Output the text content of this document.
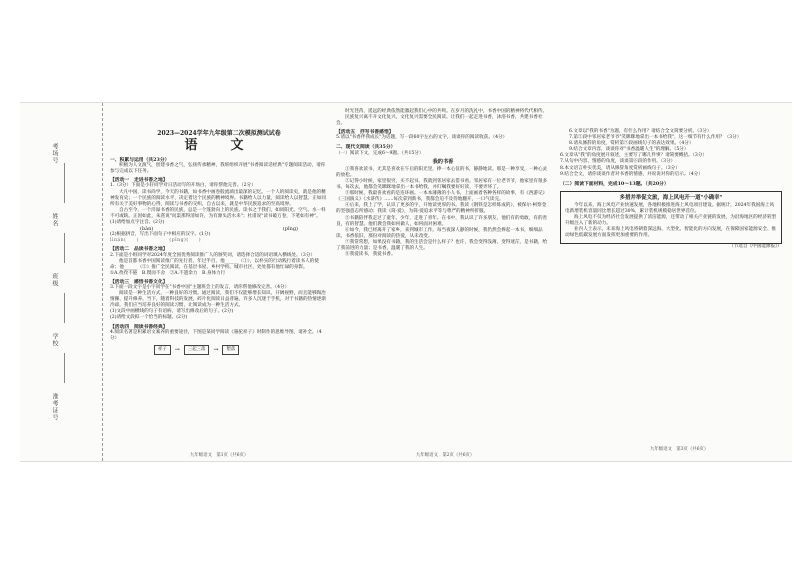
考场号
姓名
班级
学校
准考证号
2023—2024学年九年级第二次模拟测试试卷
语　文
一、积累与运用（共23分）

积极为人文演气，创建书香之气，弘扬传承精神，我班组织开展"书香阅读话经典"专题阅读活动，请你参与完成以下任务。

【活动一　走进书香之地】
1.（3分）下面是小轩同学对日活动写的开场白，请你帮他完善。（2分）

大凡中国，读书尚学，今天的书籍，如书香中画卷般流淌出最深的记忆。一个人的阅读史，就是他的精神发育史；一个民族的阅读水平，决定着这个民族的精神境界。书籍给人以力量，阅读给人以智慧。正如同所有关于美好事物的心得，阅读与书香的交织，自古以来，就是中华民族追求的至高境界。

自古至今，一个洋溢书香的民族，总是一个蓬勃向上的民族。读书之于我们，如同阳光、空气、水一样不可或缺。正因如此，朱熹说"问渠那得清如许，为有源头活水来"；杜甫说"读书破万卷，下笔如有神"。

(1)请给加点字注音。(2分)
(bàn)	(pīng)
(2)根据拼音，写出下面句子中相应的汉字。(1分)
lìnán(　　)　　　　　　(pīng)(　　)
【活动二　品读书香之地】
2.下面是小组同学对2024年度全国优秀阅读推广人的颁奖词，请选择合适的词语填入横线处。（3分）

他是首都书香中国阅读推广的先行者，年过半百，他______（①），以朴实的行动践行着读书人的使命；他______（②）推广全民阅读，在基层书屋、乡村学校、城市社区，处处都有他忙碌的身影。

①A.孜孜不倦　B.锲而不舍　②A.不遗余力　B.身体力行
【活动三　感悟书香文化】
3.下面一段文字是小宇同学在"书香中国"主题班会上的发言，请你帮他修改完善。（4分）

阅读是一种生活方式，一种良好的习惯。通过阅读，我们不仅能够增长知识、开阔视野，而且能够陶冶情操、提升修养。当下，随着科技的发展，碎片化阅读日益普遍，许多人沉迷于手机，对于书籍的热情逐渐冷却。我们应当培养良好的阅读习惯，让阅读成为一种生活方式。

(1)文段中画横线的句子有语病，请写出修改后的句子。(2分)
(2)请给文段拟一个恰当的标题。(2分)
【活动四　阅读书香经典】
4.阅读名著是积累语文素养的重要途径，下图是某同学阅读《骆驼祥子》时制作的思维导图，请补全。（4分）
祥子	→	三起三落	→	堕落
九年级语文　第1页（共6页）

时光荏苒，遥远的经典依然能激起我们心中的共鸣。在岁月的洗礼中，书香中国的精神将代代相传。

民族复兴离不开文化复兴，文化复兴需要全民阅读。让我们一起走进书香，沐浴书香，共建书香社会。

【活动五　抒写书香感悟】
5.请以"书香伴我成长"为话题，写一段60字左右的文字，谈谈你的阅读收获。（4分）
二、现代文阅读（共35分）
（一）阅读下文，完成6～9题。（共15分）
我的书香

①我喜欢读书，尤其是喜欢在午后的阳光里，捧一本心仪的书，静静地读。那是一种享受，一种心灵的放松。

②记得小时候，家里很穷，买不起书。我就到邻居家去借书看。邻居家有一位老爷爷，他家里有很多书。每次去，他都会笑眯眯地拿出一本书给我，并叮嘱我要好好读，不要弄坏了。

③那时候，我最喜欢看的是连环画。一本本薄薄的小人书，上面画着各种各样的故事，有《西游记》《三国演义》《水浒传》……每次拿到新书，我都会迫不及待地翻开，一口气读完。

④后来，我上了学，认识了更多的字，开始读更厚的书。我读《钢铁是怎样炼成的》，被保尔·柯察金的坚强意志所感动；我读《简·爱》，为简·爱追求平等与尊严的精神所折服。

⑤书籍陪伴我走过了童年、少年，走进了青年。在书中，我认识了许多朋友，他们有的勇敢，有的善良，有的智慧。他们教会我如何做人，如何面对困难。

⑥如今，我已经离开了家乡，来到城市工作。每当夜深人静的时候，我仍然会捧起一本书，细细品读。书香依旧，那份对阅读的热爱，从未改变。

⑦我常常想，如果没有书籍，我的生活会是什么样子？也许，我会变得浅薄，变得迷茫。是书籍，给了我前进的力量；是书香，温暖了我的人生。

⑧我爱读书，我爱书香。

九年级语文　第2页（共6页）

6.文章以"我的书香"为题，有什么作用？请结合全文简要分析。（3分）

7.第②段中邻居家老爷爷"笑眯眯地拿出一本书给我"，这一细节有什么作用？（3分）

8.请从修辞的角度，赏析第⑦段画线句子的表达效果。（4分）

9.结合文章内容，谈谈你对"书香温暖人生"的理解。（5分）

6.文章从"我"的角度展开叙述，主要写了哪几件事？请简要概括。（3分）
7.从句中内容、情感的角度，谈谈第⑥段的作用。（3分）
8.本文语言朴实优美，请从修辞角度赏析画线句子。（3分）
9.结合全文，请你谈谈作者对书香的情感，并说说对你的启示。（4分）
（二）阅读下面材料，完成10～13题。（共20分）
多措并举促文旅，海上风电开一道"小确幸"

今年以来，海上风电产业快速发展，各地积极推进海上风电项目建设。据统计，2024年我国海上风电新增装机容量同比增长超过30%，累计装机规模稳居世界首位。

海上风电不仅为经济社会发展提供了清洁能源，还带动了相关产业链的发展，为沿海地区的经济转型升级注入了新的动力。

业内人士表示，未来海上风电将朝着深远海、大型化、智能化的方向发展，在保障国家能源安全、推动绿色低碳发展方面发挥更加重要的作用。

（节选自《中国能源报》）
九年级语文　第3页（共6页）
